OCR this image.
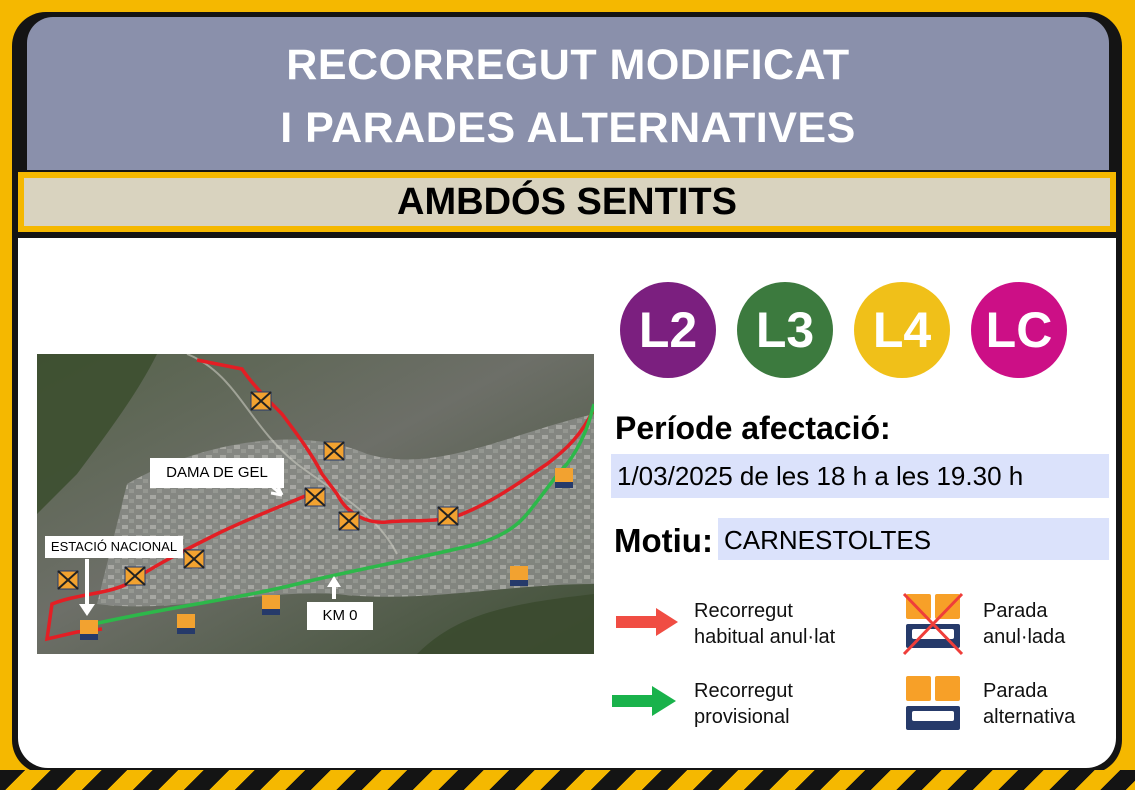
RECORREGUT MODIFICAT
I PARADES ALTERNATIVES
AMBDÓS SENTITS
DAMA DE GEL
ESTACIÓ NACIONAL
KM 0
L2	L3	L4	LC
Període afectació:
1/03/2025 de les 18 h a les 19.30 h
Motiu: CARNESTOLTES
Recorregut
habitual anul·lat
Recorregut
provisional
Parada
anul·lada
Parada
alternativa
